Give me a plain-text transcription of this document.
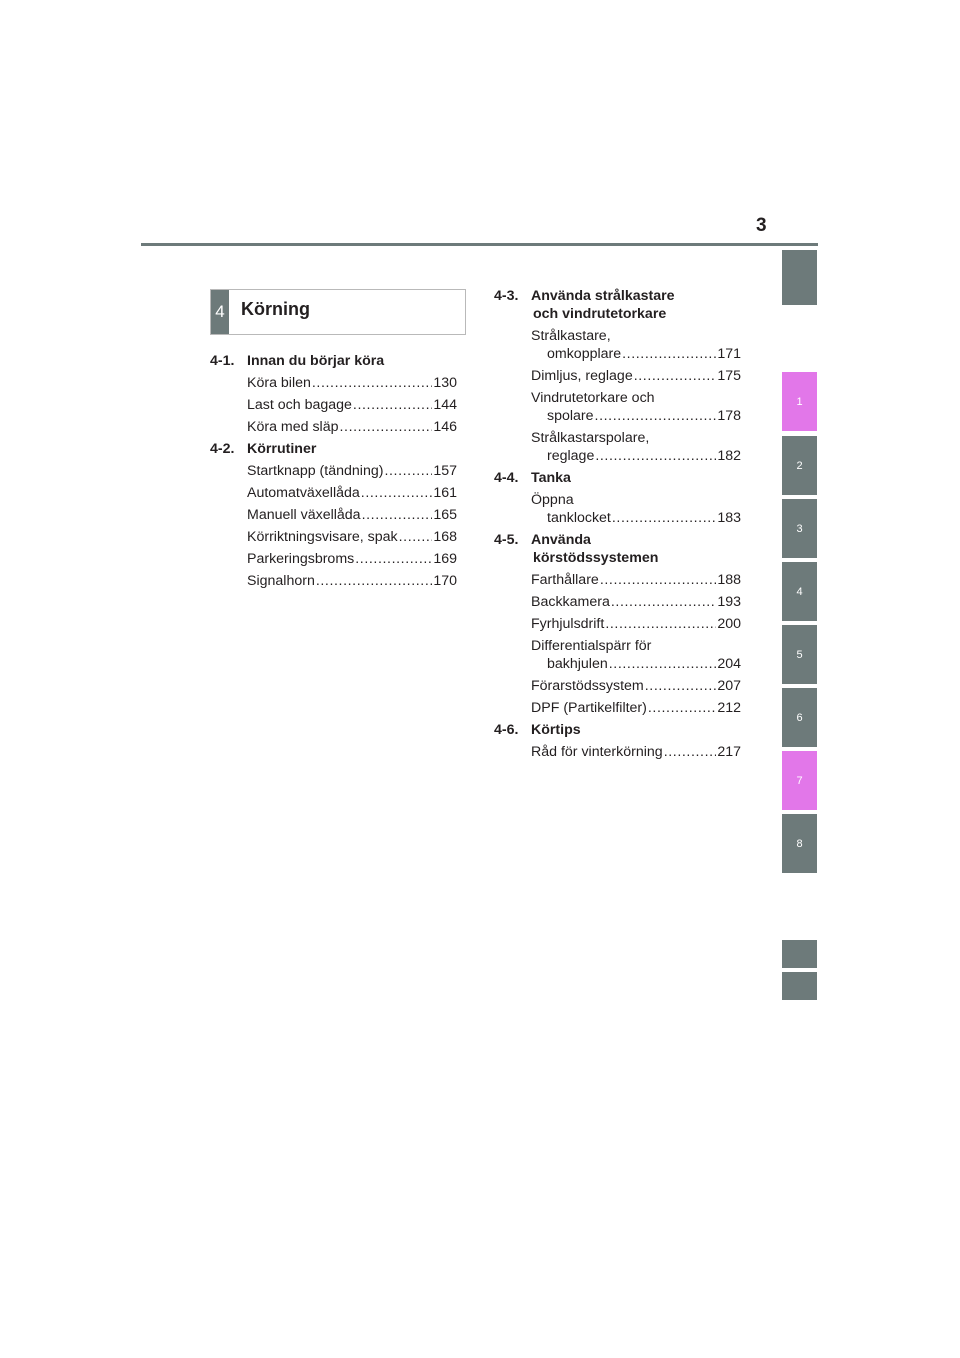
3
4 Körning
4-1. Innan du börjar köra
Köra bilen .....	130
Last och bagage .....	144
Köra med släp .....	146
4-2. Körrutiner
Startknapp (tändning) .....	157
Automatväxellåda .....	161
Manuell växellåda .....	165
Körriktningsvisare, spak .....	168
Parkeringsbroms .....	169
Signalhorn .....	170
4-3. Använda strålkastare
och vindrutetorkare
Strålkastare,
omkopplare .....	171
Dimljus, reglage .....	175
Vindrutetorkare och
spolare .....	178
Strålkastarspolare,
reglage .....	182
4-4. Tanka
Öppna
tanklocket .....	183
4-5. Använda
körstödssystemen
Farthållare .....	188
Backkamera .....	193
Fyrhjulsdrift .....	200
Differentialspärr för
bakhjulen .....	204
Förarstödssystem .....	207
DPF (Partikelfilter) .....	212
4-6. Körtips
Råd för vinterkörning .....	217
1
2
3
4
5
6
7
8
